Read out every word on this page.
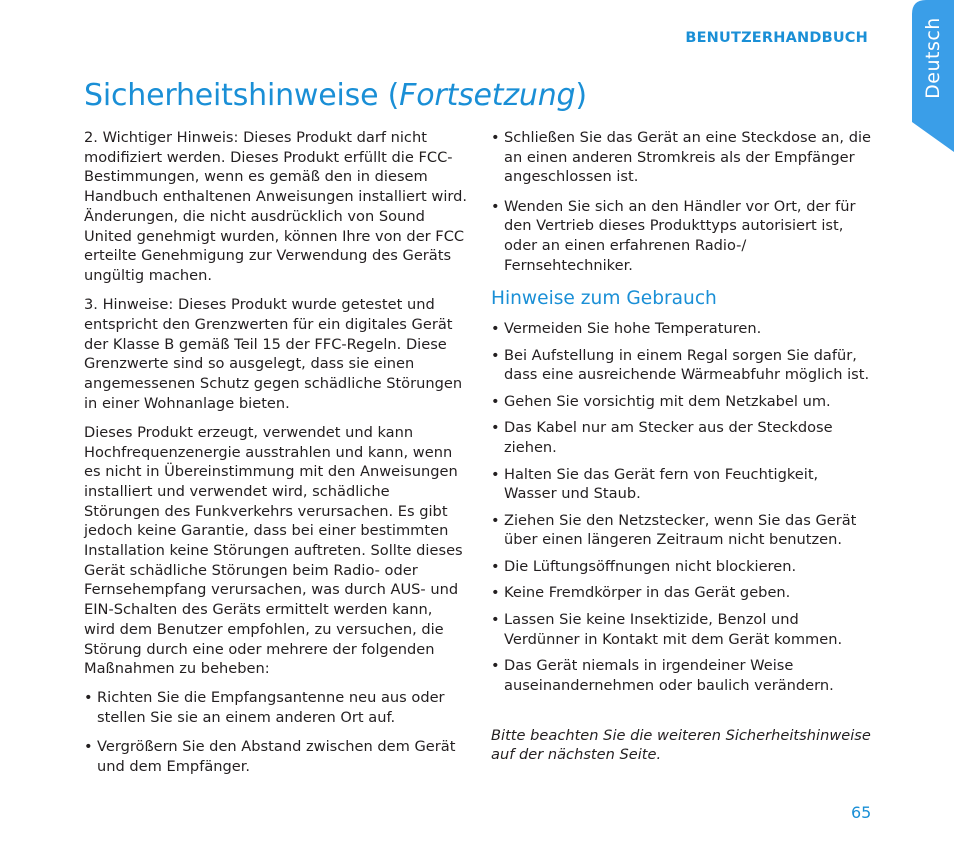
BENUTZERHANDBUCH	Deutsch
Sicherheitshinweise (Fortsetzung)

2. Wichtiger Hinweis: Dieses Produkt darf nicht modifiziert werden. Dieses Produkt erfüllt die FCC-Bestimmungen, wenn es gemäß den in diesem Handbuch enthaltenen Anweisungen installiert wird. Änderungen, die nicht ausdrücklich von Sound United genehmigt wurden, können Ihre von der FCC erteilte Genehmigung zur Verwendung des Geräts ungültig machen.

3. Hinweise: Dieses Produkt wurde getestet und entspricht den Grenzwerten für ein digitales Gerät der Klasse B gemäß Teil 15 der FFC-Regeln. Diese Grenzwerte sind so ausgelegt, dass sie einen angemessenen Schutz gegen schädliche Störungen in einer Wohnanlage bieten.

Dieses Produkt erzeugt, verwendet und kann Hochfrequenzenergie ausstrahlen und kann, wenn es nicht in Übereinstimmung mit den Anweisungen installiert und verwendet wird, schädliche Störungen des Funkverkehrs verursachen. Es gibt jedoch keine Garantie, dass bei einer bestimmten Installation keine Störungen auftreten. Sollte dieses Gerät schädliche Störungen beim Radio- oder Fernsehempfang verursachen, was durch AUS- und EIN-Schalten des Geräts ermittelt werden kann, wird dem Benutzer empfohlen, zu versuchen, die Störung durch eine oder mehrere der folgenden Maßnahmen zu beheben:

• Richten Sie die Empfangsantenne neu aus oder stellen Sie sie an einem anderen Ort auf.
• Vergrößern Sie den Abstand zwischen dem Gerät und dem Empfänger.
• Schließen Sie das Gerät an eine Steckdose an, die an einen anderen Stromkreis als der Empfänger angeschlossen ist.
• Wenden Sie sich an den Händler vor Ort, der für den Vertrieb dieses Produkttyps autorisiert ist, oder an einen erfahrenen Radio-/ Fernsehtechniker.
Hinweise zum Gebrauch
• Vermeiden Sie hohe Temperaturen.
• Bei Aufstellung in einem Regal sorgen Sie dafür, dass eine ausreichende Wärmeabfuhr möglich ist.
• Gehen Sie vorsichtig mit dem Netzkabel um.
• Das Kabel nur am Stecker aus der Steckdose ziehen.
• Halten Sie das Gerät fern von Feuchtigkeit, Wasser und Staub.
• Ziehen Sie den Netzstecker, wenn Sie das Gerät über einen längeren Zeitraum nicht benutzen.
• Die Lüftungsöffnungen nicht blockieren.
• Keine Fremdkörper in das Gerät geben.
• Lassen Sie keine Insektizide, Benzol und Verdünner in Kontakt mit dem Gerät kommen.
• Das Gerät niemals in irgendeiner Weise auseinandernehmen oder baulich verändern.

Bitte beachten Sie die weiteren Sicherheitshinweise auf der nächsten Seite.

65
